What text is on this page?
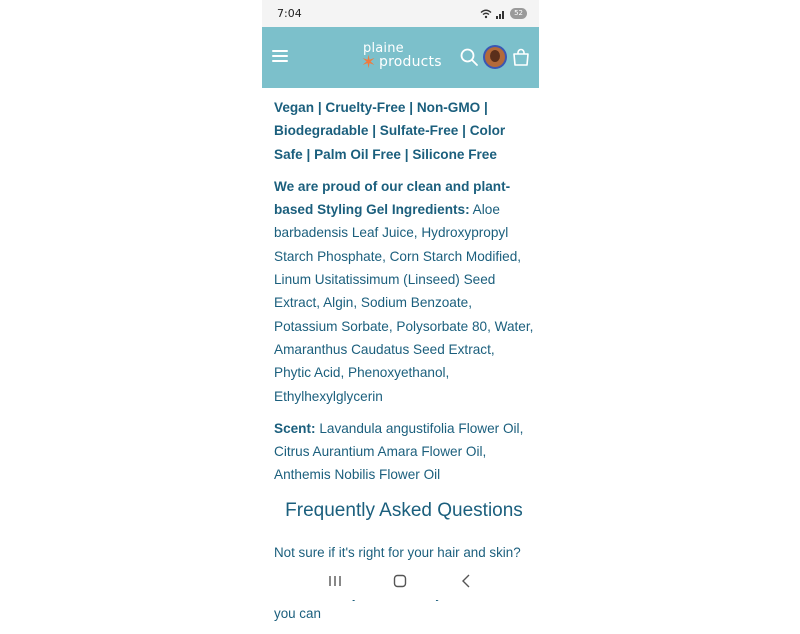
7:04	52
plaine
✶ products

Vegan | Cruelty-Free | Non-GMO | Biodegradable | Sulfate-Free | Color Safe | Palm Oil Free | Silicone Free

We are proud of our clean and plant-based Styling Gel Ingredients: Aloe barbadensis Leaf Juice, Hydroxypropyl Starch Phosphate, Corn Starch Modified, Linum Usitatissimum (Linseed) Seed Extract, Algin, Sodium Benzoate, Potassium Sorbate, Polysorbate 80, Water, Amaranthus Caudatus Seed Extract, Phytic Acid, Phenoxyethanol, Ethylhexylglycerin

Scent: Lavandula angustifolia Flower Oil, Citrus Aurantium Amara Flower Oil, Anthemis Nobilis Flower Oil

Frequently Asked Questions

Not sure if it's right for your hair and skin? you can
